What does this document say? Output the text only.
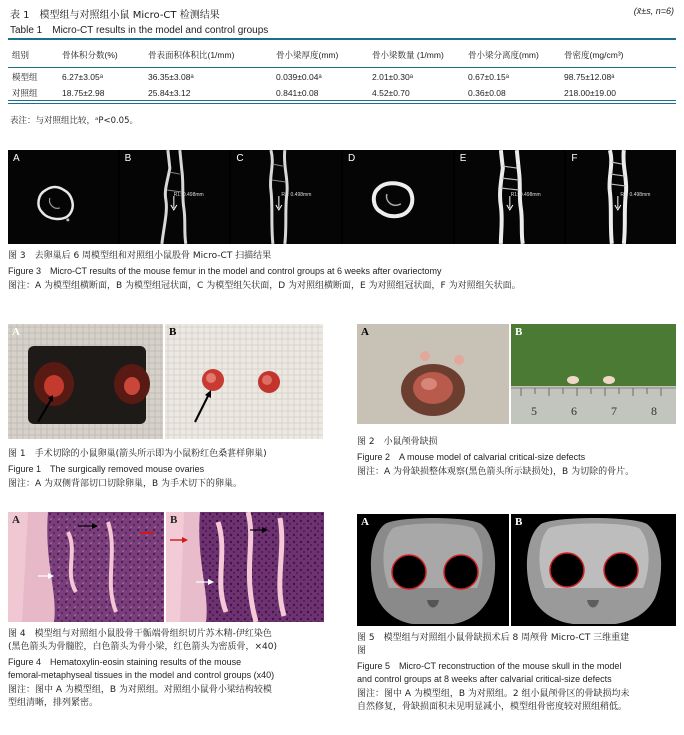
表 1　模型组与对照组小鼠 Micro-CT 检测结果
Table 1　Micro-CT results in the model and control groups
(x̄±s, n=6)
组别	骨体积分数(%)	骨表面积体积比(1/mm)	骨小梁厚度(mm)	骨小梁数量 (1/mm)	骨小梁分离度(mm)	骨密度(mg/cm³)
模型组	6.27±3.05ᵃ	36.35±3.08ᵃ	0.039±0.04ᵃ	2.01±0.30ᵃ	0.67±0.15ᵃ	98.75±12.08ᵃ
对照组	18.75±2.98	25.84±3.12	0.841±0.08	4.52±0.70	0.36±0.08	218.00±19.00
表注：与对照组比较，ᵃP<0.05。
A	B
R1: 0.498mm
C
R1: 0.498mm
D	E
R1: 0.498mm
F
R1: 0.498mm
图 3　去卵巢后 6 周模型组和对照组小鼠股骨 Micro-CT 扫描结果
Figure 3　Micro-CT results of the mouse femur in the model and control groups at 6 weeks after ovariectomy
图注：A 为模型组横断面，B 为模型组冠状面，C 为模型组矢状面，D 为对照组横断面，E 为对照组冠状面，F 为对照组矢状面。
A	B
图 1　手术切除的小鼠卵巢(箭头所示即为小鼠粉红色桑葚样卵巢)
Figure 1　The surgically removed mouse ovaries
图注：A 为双侧背部切口切除卵巢，B 为手术切下的卵巢。
A	B
5	6	7	8
图 2　小鼠颅骨缺损
Figure 2　A mouse model of calvarial critical-size defects
图注：A 为骨缺损整体观察(黑色箭头所示缺损处)，B 为切除的骨片。
A	B
图 4　模型组与对照组小鼠股骨干骺端骨组织切片苏木精-伊红染色
(黑色箭头为骨髓腔，白色箭头为骨小梁，红色箭头为密质骨，×40)
Figure 4　Hematoxylin-eosin staining results of the mouse
femoral-metaphyseal tissues in the model and control groups (x40)
图注：图中 A 为模型组，B 为对照组。对照组小鼠骨小梁结构较模
型组清晰，排列紧密。
A	B
图 5　模型组与对照组小鼠骨缺损术后 8 周颅骨 Micro-CT 三维重建
图
Figure 5　Micro-CT reconstruction of the mouse skull in the model
and control groups at 8 weeks after calvarial critical-size defects
图注：图中 A 为模型组，B 为对照组。2 组小鼠颅骨区的骨缺损均未
自然修复，骨缺损面积未见明显减小，模型组骨密度较对照组稍低。
